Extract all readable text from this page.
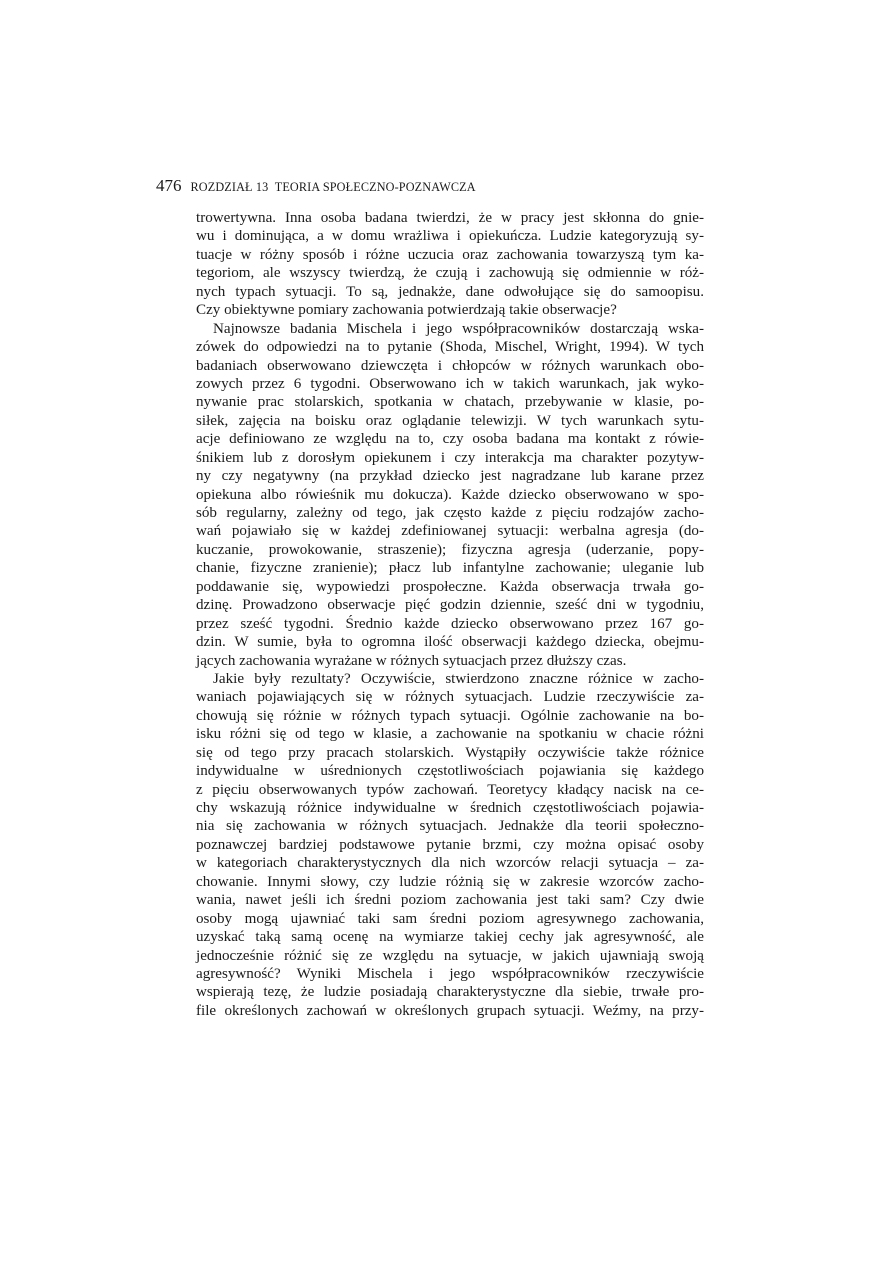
476 ROZDZIAŁ 13 TEORIA SPOŁECZNO-POZNAWCZA
trowertywna. Inna osoba badana twierdzi, że w pracy jest skłonna do gnie-
wu i dominująca, a w domu wrażliwa i opiekuńcza. Ludzie kategoryzują sy-
tuacje w różny sposób i różne uczucia oraz zachowania towarzyszą tym ka-
tegoriom, ale wszyscy twierdzą, że czują i zachowują się odmiennie w róż-
nych typach sytuacji. To są, jednakże, dane odwołujące się do samoopisu.
Czy obiektywne pomiary zachowania potwierdzają takie obserwacje?
Najnowsze badania Mischela i jego współpracowników dostarczają wska-
zówek do odpowiedzi na to pytanie (Shoda, Mischel, Wright, 1994). W tych
badaniach obserwowano dziewczęta i chłopców w różnych warunkach obo-
zowych przez 6 tygodni. Obserwowano ich w takich warunkach, jak wyko-
nywanie prac stolarskich, spotkania w chatach, przebywanie w klasie, po-
siłek, zajęcia na boisku oraz oglądanie telewizji. W tych warunkach sytu-
acje definiowano ze względu na to, czy osoba badana ma kontakt z rówie-
śnikiem lub z dorosłym opiekunem i czy interakcja ma charakter pozytyw-
ny czy negatywny (na przykład dziecko jest nagradzane lub karane przez
opiekuna albo rówieśnik mu dokucza). Każde dziecko obserwowano w spo-
sób regularny, zależny od tego, jak często każde z pięciu rodzajów zacho-
wań pojawiało się w każdej zdefiniowanej sytuacji: werbalna agresja (do-
kuczanie, prowokowanie, straszenie); fizyczna agresja (uderzanie, popy-
chanie, fizyczne zranienie); płacz lub infantylne zachowanie; uleganie lub
poddawanie się, wypowiedzi prospołeczne. Każda obserwacja trwała go-
dzinę. Prowadzono obserwacje pięć godzin dziennie, sześć dni w tygodniu,
przez sześć tygodni. Średnio każde dziecko obserwowano przez 167 go-
dzin. W sumie, była to ogromna ilość obserwacji każdego dziecka, obejmu-
jących zachowania wyrażane w różnych sytuacjach przez dłuższy czas.
Jakie były rezultaty? Oczywiście, stwierdzono znaczne różnice w zacho-
waniach pojawiających się w różnych sytuacjach. Ludzie rzeczywiście za-
chowują się różnie w różnych typach sytuacji. Ogólnie zachowanie na bo-
isku różni się od tego w klasie, a zachowanie na spotkaniu w chacie różni
się od tego przy pracach stolarskich. Wystąpiły oczywiście także różnice
indywidualne w uśrednionych częstotliwościach pojawiania się każdego
z pięciu obserwowanych typów zachowań. Teoretycy kładący nacisk na ce-
chy wskazują różnice indywidualne w średnich częstotliwościach pojawia-
nia się zachowania w różnych sytuacjach. Jednakże dla teorii społeczno-
poznawczej bardziej podstawowe pytanie brzmi, czy można opisać osoby
w kategoriach charakterystycznych dla nich wzorców relacji sytuacja – za-
chowanie. Innymi słowy, czy ludzie różnią się w zakresie wzorców zacho-
wania, nawet jeśli ich średni poziom zachowania jest taki sam? Czy dwie
osoby mogą ujawniać taki sam średni poziom agresywnego zachowania,
uzyskać taką samą ocenę na wymiarze takiej cechy jak agresywność, ale
jednocześnie różnić się ze względu na sytuacje, w jakich ujawniają swoją
agresywność? Wyniki Mischela i jego współpracowników rzeczywiście
wspierają tezę, że ludzie posiadają charakterystyczne dla siebie, trwałe pro-
file określonych zachowań w określonych grupach sytuacji. Weźmy, na przy-
